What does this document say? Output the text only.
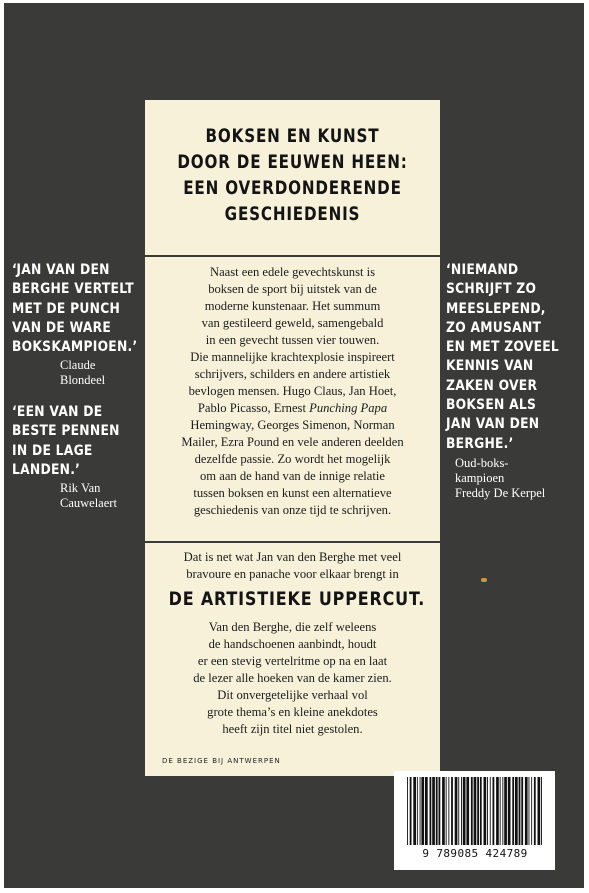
‘JAN VAN DEN
BERGHE VERTELT
MET DE PUNCH
VAN DE WARE
BOKSKAMPIOEN.’
Claude
Blondeel
‘EEN VAN DE
BESTE PENNEN
IN DE LAGE
LANDEN.’
Rik Van
Cauwelaert
‘NIEMAND
SCHRIJFT ZO
MEESLEPEND,
ZO AMUSANT
EN MET ZOVEEL
KENNIS VAN
ZAKEN OVER
BOKSEN ALS
JAN VAN DEN
BERGHE.’
Oud-boks-
kampioen
Freddy De Kerpel
BOKSEN EN KUNST
DOOR DE EEUWEN HEEN:
EEN OVERDONDERENDE
GESCHIEDENIS
Naast een edele gevechtskunst is
boksen de sport bij uitstek van de
moderne kunstenaar. Het summum
van gestileerd geweld, samengebald
in een gevecht tussen vier touwen.
Die mannelijke krachtexplosie inspireert
schrijvers, schilders en andere artistiek
bevlogen mensen. Hugo Claus, Jan Hoet,
Pablo Picasso, Ernest Punching Papa
Hemingway, Georges Simenon, Norman
Mailer, Ezra Pound en vele anderen deelden
dezelfde passie. Zo wordt het mogelijk
om aan de hand van de innige relatie
tussen boksen en kunst een alternatieve
geschiedenis van onze tijd te schrijven.
Dat is net wat Jan van den Berghe met veel
bravoure en panache voor elkaar brengt in
DE ARTISTIEKE UPPERCUT.
Van den Berghe, die zelf weleens
de handschoenen aanbindt, houdt
er een stevig vertelritme op na en laat
de lezer alle hoeken van de kamer zien.
Dit onvergetelijke verhaal vol
grote thema’s en kleine anekdotes
heeft zijn titel niet gestolen.
DE BEZIGE BIJ ANTWERPEN
9 789085 424789
